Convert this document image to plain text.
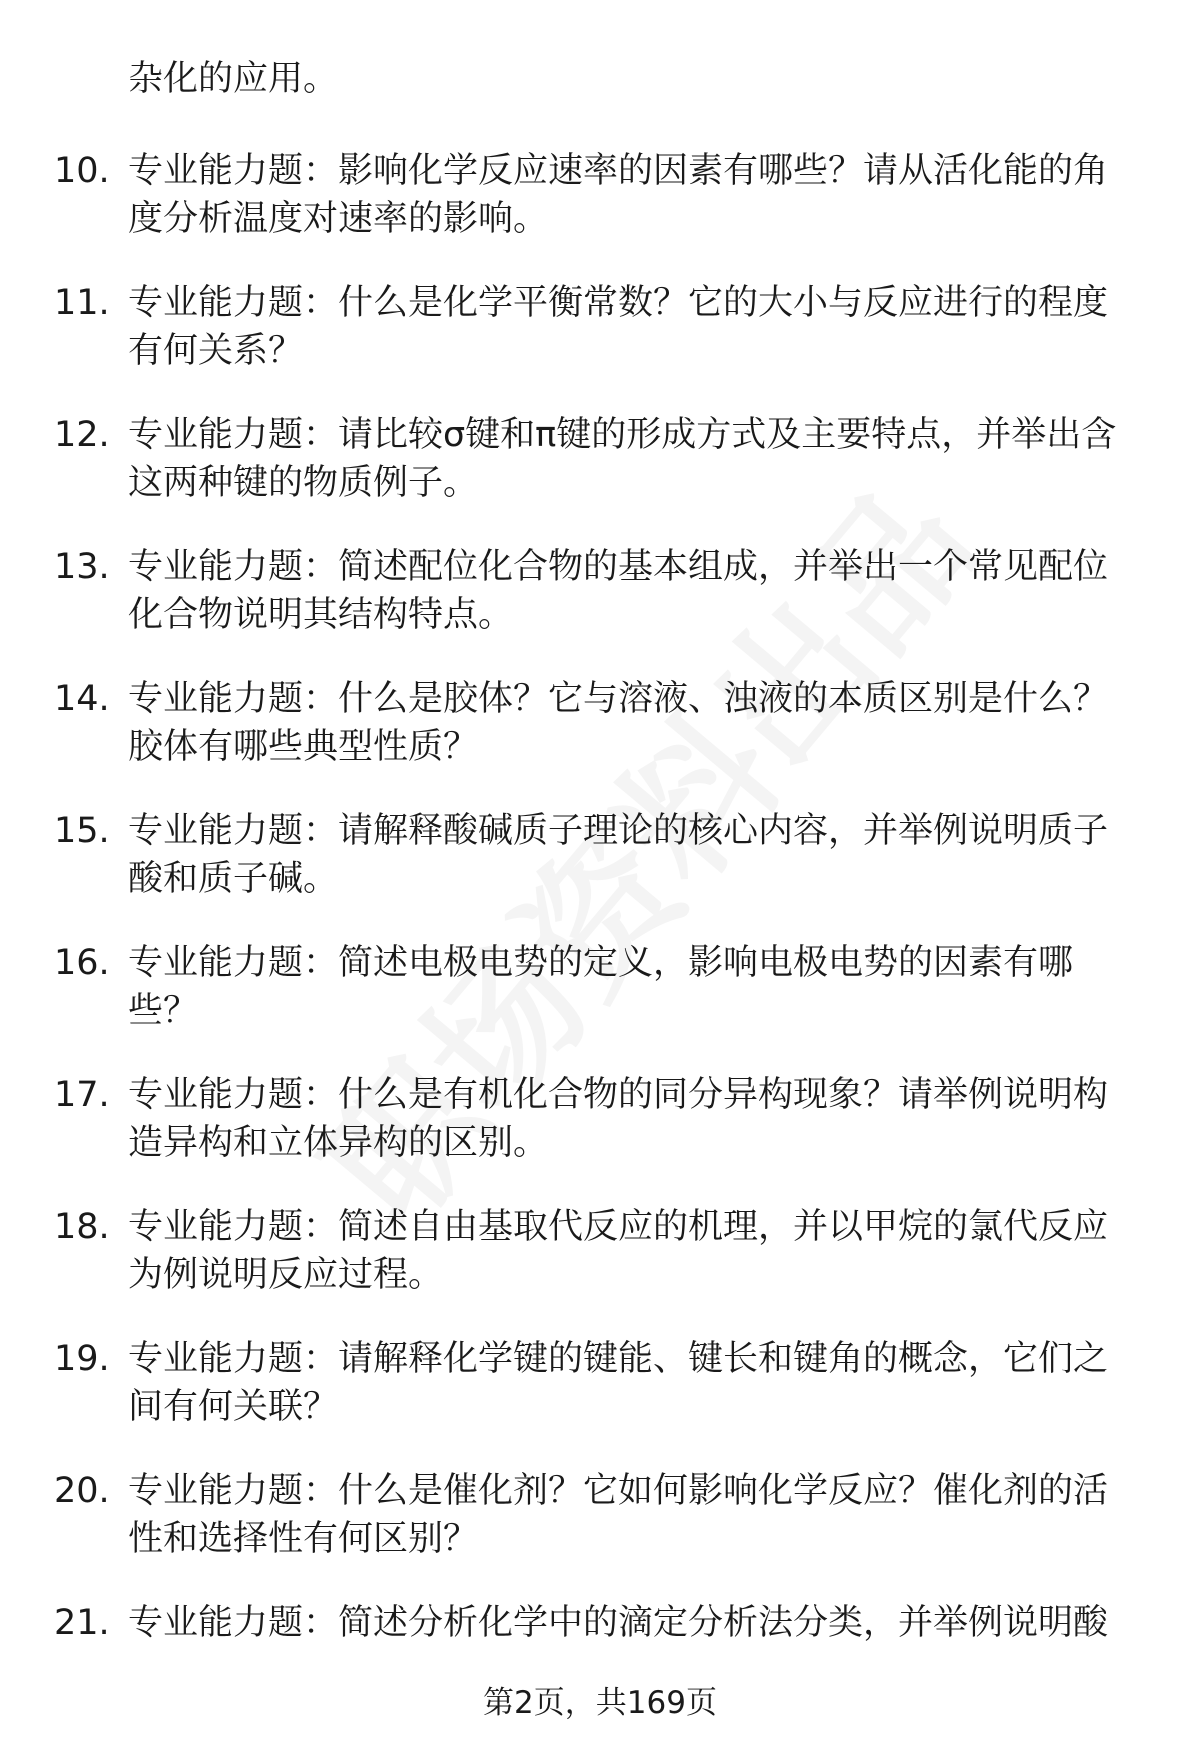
杂化的应用。
10. 专业能力题：影响化学反应速率的因素有哪些？请从活化能的角
度分析温度对速率的影响。
11. 专业能力题：什么是化学平衡常数？它的大小与反应进行的程度
有何关系？
12. 专业能力题：请比较σ键和π键的形成方式及主要特点，并举出含
这两种键的物质例子。
13. 专业能力题：简述配位化合物的基本组成，并举出一个常见配位
化合物说明其结构特点。
14. 专业能力题：什么是胶体？它与溶液、浊液的本质区别是什么？
胶体有哪些典型性质？
15. 专业能力题：请解释酸碱质子理论的核心内容，并举例说明质子
酸和质子碱。
16. 专业能力题：简述电极电势的定义，影响电极电势的因素有哪
些？
17. 专业能力题：什么是有机化合物的同分异构现象？请举例说明构
造异构和立体异构的区别。
18. 专业能力题：简述自由基取代反应的机理，并以甲烷的氯代反应
为例说明反应过程。
19. 专业能力题：请解释化学键的键能、键长和键角的概念，它们之
间有何关联？
20. 专业能力题：什么是催化剂？它如何影响化学反应？催化剂的活
性和选择性有何区别？
21. 专业能力题：简述分析化学中的滴定分析法分类，并举例说明酸
第2页，共169页
